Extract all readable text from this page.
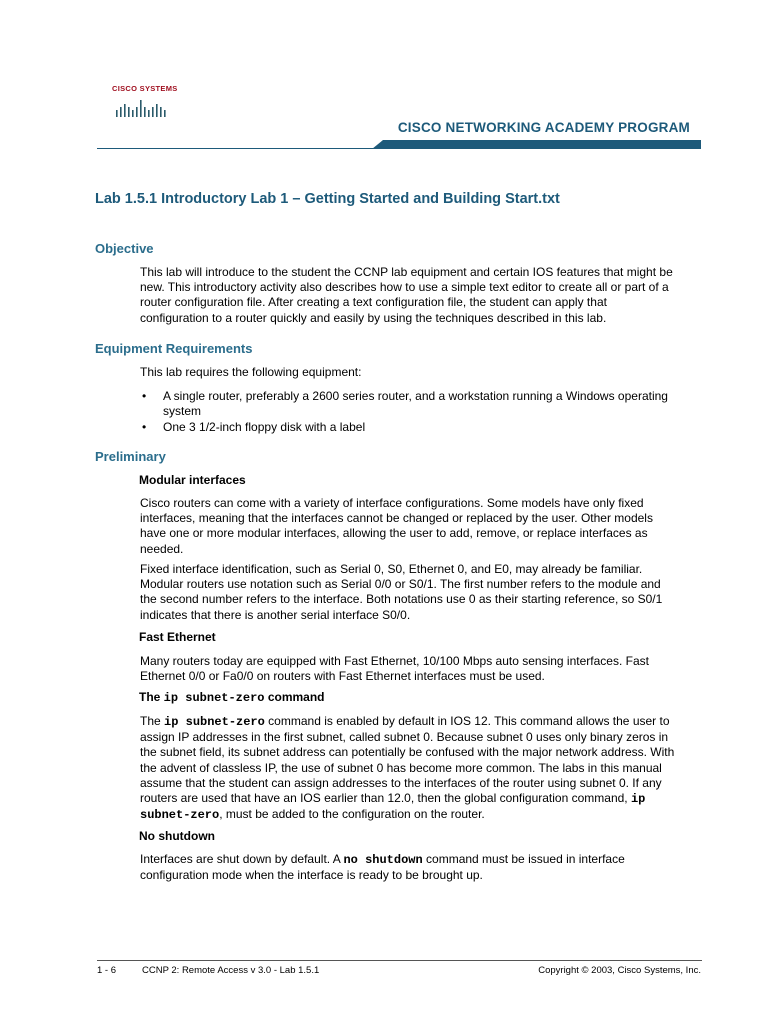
CISCO SYSTEMS
CISCO NETWORKING ACADEMY PROGRAM
Lab 1.5.1 Introductory Lab 1 – Getting Started and Building Start.txt
Objective
This lab will introduce to the student the CCNP lab equipment and certain IOS features that might be
new. This introductory activity also describes how to use a simple text editor to create all or part of a
router configuration file. After creating a text configuration file, the student can apply that
configuration to a router quickly and easily by using the techniques described in this lab.
Equipment Requirements
This lab requires the following equipment:
• A single router, preferably a 2600 series router, and a workstation running a Windows operating
system
• One 3 1/2-inch floppy disk with a label
Preliminary
Modular interfaces
Cisco routers can come with a variety of interface configurations. Some models have only fixed
interfaces, meaning that the interfaces cannot be changed or replaced by the user. Other models
have one or more modular interfaces, allowing the user to add, remove, or replace interfaces as
needed.
Fixed interface identification, such as Serial 0, S0, Ethernet 0, and E0, may already be familiar.
Modular routers use notation such as Serial 0/0 or S0/1. The first number refers to the module and
the second number refers to the interface. Both notations use 0 as their starting reference, so S0/1
indicates that there is another serial interface S0/0.
Fast Ethernet
Many routers today are equipped with Fast Ethernet, 10/100 Mbps auto sensing interfaces. Fast
Ethernet 0/0 or Fa0/0 on routers with Fast Ethernet interfaces must be used.
The ip subnet-zero command
The ip subnet-zero command is enabled by default in IOS 12. This command allows the user to
assign IP addresses in the first subnet, called subnet 0. Because subnet 0 uses only binary zeros in
the subnet field, its subnet address can potentially be confused with the major network address. With
the advent of classless IP, the use of subnet 0 has become more common. The labs in this manual
assume that the student can assign addresses to the interfaces of the router using subnet 0. If any
routers are used that have an IOS earlier than 12.0, then the global configuration command, ip
subnet-zero, must be added to the configuration on the router.
No shutdown
Interfaces are shut down by default. A no shutdown command must be issued in interface
configuration mode when the interface is ready to be brought up.
1 - 6	CCNP 2: Remote Access v 3.0 - Lab 1.5.1	Copyright © 2003, Cisco Systems, Inc.
